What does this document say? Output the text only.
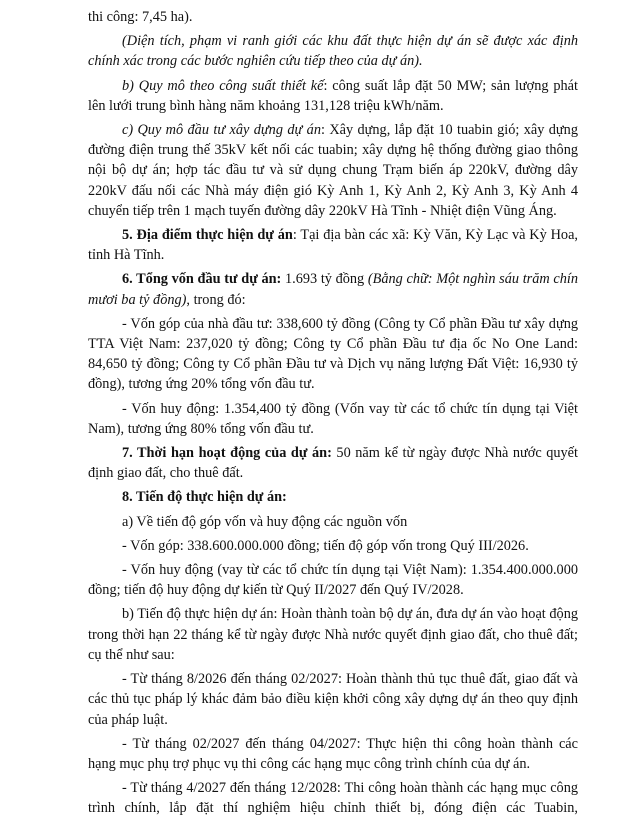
thi công: 7,45 ha).

(Diện tích, phạm vi ranh giới các khu đất thực hiện dự án sẽ được xác định chính xác trong các bước nghiên cứu tiếp theo của dự án).

b) Quy mô theo công suất thiết kế: công suất lắp đặt 50 MW; sản lượng phát lên lưới trung bình hàng năm khoảng 131,128 triệu kWh/năm.

c) Quy mô đầu tư xây dựng dự án: Xây dựng, lắp đặt 10 tuabin gió; xây dựng đường điện trung thế 35kV kết nối các tuabin; xây dựng hệ thống đường giao thông nội bộ dự án; hợp tác đầu tư và sử dụng chung Trạm biến áp 220kV, đường dây 220kV đấu nối các Nhà máy điện gió Kỳ Anh 1, Kỳ Anh 2, Kỳ Anh 3, Kỳ Anh 4 chuyển tiếp trên 1 mạch tuyến đường dây 220kV Hà Tĩnh - Nhiệt điện Vũng Áng.

5. Địa điểm thực hiện dự án: Tại địa bàn các xã: Kỳ Văn, Kỳ Lạc và Kỳ Hoa, tỉnh Hà Tĩnh.

6. Tổng vốn đầu tư dự án: 1.693 tỷ đồng (Bằng chữ: Một nghìn sáu trăm chín mươi ba tỷ đồng), trong đó:

- Vốn góp của nhà đầu tư: 338,600 tỷ đồng (Công ty Cổ phần Đầu tư xây dựng TTA Việt Nam: 237,020 tỷ đồng; Công ty Cổ phần Đầu tư địa ốc No One Land: 84,650 tỷ đồng; Công ty Cổ phần Đầu tư và Dịch vụ năng lượng Đất Việt: 16,930 tỷ đồng), tương ứng 20% tổng vốn đầu tư.

- Vốn huy động: 1.354,400 tỷ đồng (Vốn vay từ các tổ chức tín dụng tại Việt Nam), tương ứng 80% tổng vốn đầu tư.

7. Thời hạn hoạt động của dự án: 50 năm kể từ ngày được Nhà nước quyết định giao đất, cho thuê đất.

8. Tiến độ thực hiện dự án:

a) Về tiến độ góp vốn và huy động các nguồn vốn

- Vốn góp: 338.600.000.000 đồng; tiến độ góp vốn trong Quý III/2026.

- Vốn huy động (vay từ các tổ chức tín dụng tại Việt Nam): 1.354.400.000.000 đồng; tiến độ huy động dự kiến từ Quý II/2027 đến Quý IV/2028.

b) Tiến độ thực hiện dự án: Hoàn thành toàn bộ dự án, đưa dự án vào hoạt động trong thời hạn 22 tháng kể từ ngày được Nhà nước quyết định giao đất, cho thuê đất; cụ thể như sau:

- Từ tháng 8/2026 đến tháng 02/2027: Hoàn thành thủ tục thuê đất, giao đất và các thủ tục pháp lý khác đảm bảo điều kiện khởi công xây dựng dự án theo quy định của pháp luật.

- Từ tháng 02/2027 đến tháng 04/2027: Thực hiện thi công hoàn thành các hạng mục phụ trợ phục vụ thi công các hạng mục công trình chính của dự án.

- Từ tháng 4/2027 đến tháng 12/2028: Thi công hoàn thành các hạng mục công trình chính, lắp đặt thí nghiệm hiệu chỉnh thiết bị, đóng điện các Tuabin,
